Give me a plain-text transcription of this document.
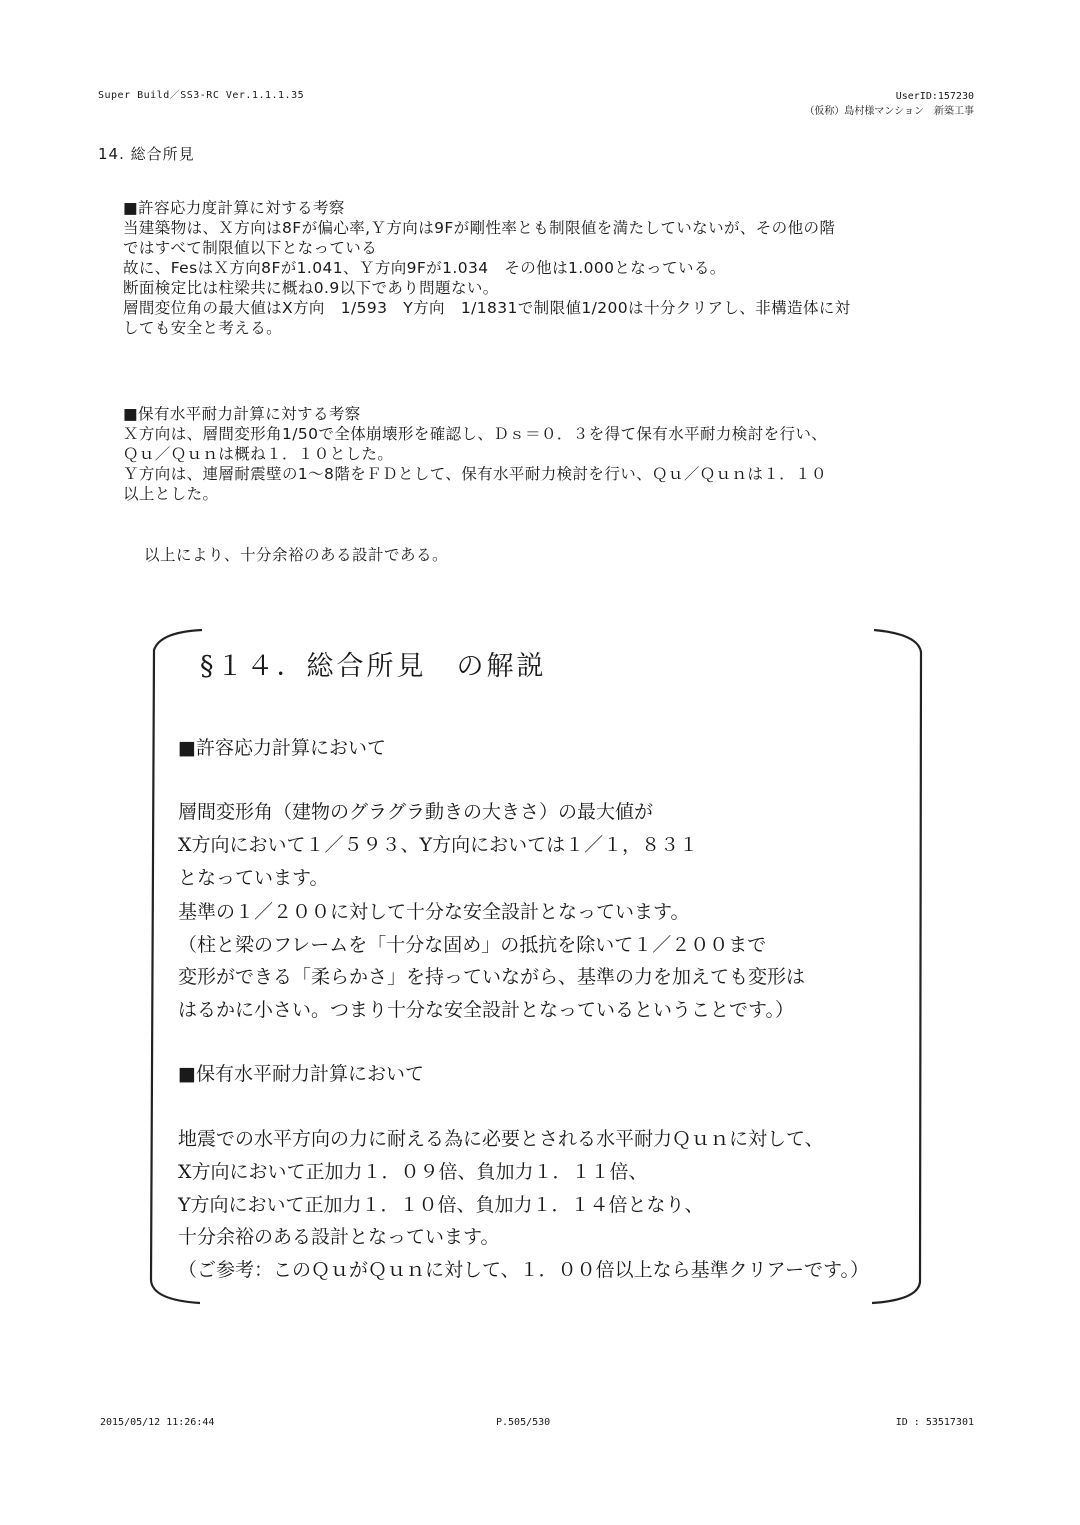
Super Build／SS3-RC Ver.1.1.1.35	UserID:157230
（仮称）島村様マンション　新築工事
14. 総合所見

■許容応力度計算に対する考察

当建築物は、Ｘ方向は8Fが偏心率,Ｙ方向は9Fが剛性率とも制限値を満たしていないが、その他の階

ではすべて制限値以下となっている

故に、FesはＸ方向8Fが1.041、Ｙ方向9Fが1.034　その他は1.000となっている。

断面検定比は柱梁共に概ね0.9以下であり問題ない。

層間変位角の最大値はX方向　1/593　Y方向　1/1831で制限値1/200は十分クリアし、非構造体に対

しても安全と考える。

■保有水平耐力計算に対する考察

Ｘ方向は、層間変形角1/50で全体崩壊形を確認し、Ｄｓ＝０．３を得て保有水平耐力検討を行い、

Ｑｕ／Ｑｕｎは概ね１．１０とした。

Ｙ方向は、連層耐震壁の1～8階をＦＤとして、保有水平耐力検討を行い、Ｑｕ／Ｑｕｎは１．１０

以上とした。

以上により、十分余裕のある設計である。
§１４．総合所見　の解説
■許容応力計算において
層間変形角（建物のグラグラ動きの大きさ）の最大値が
X方向において１／５９３、Y方向においては１／１，８３１
となっています。
基準の１／２００に対して十分な安全設計となっています。
（柱と梁のフレームを「十分な固め」の抵抗を除いて１／２００まで
変形ができる「柔らかさ」を持っていながら、基準の力を加えても変形は
はるかに小さい。つまり十分な安全設計となっているということです。）
■保有水平耐力計算において
地震での水平方向の力に耐える為に必要とされる水平耐力Ｑｕｎに対して、
X方向において正加力１．０９倍、負加力１．１１倍、
Y方向において正加力１．１０倍、負加力１．１４倍となり、
十分余裕のある設計となっています。
（ご参考：このＱｕがＱｕｎに対して、１．００倍以上なら基準クリアーです。）
2015/05/12 11:26:44	P.505/530	ID : 53517301
